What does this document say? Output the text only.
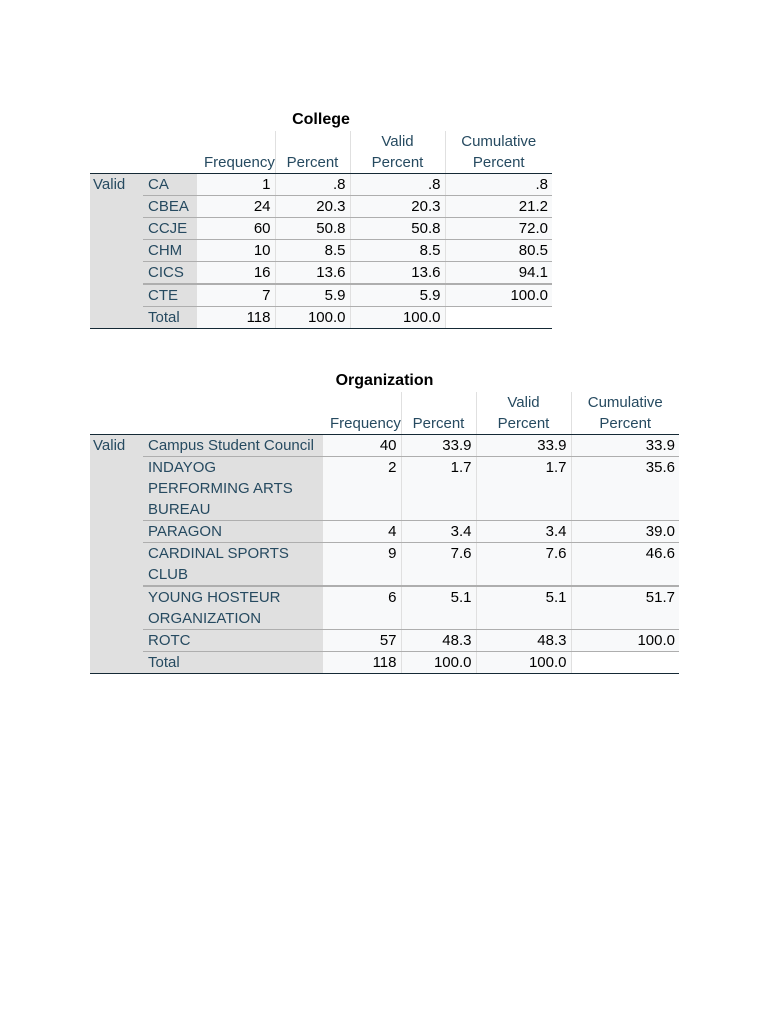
College
		Frequency	Percent	Valid Percent	Cumulative Percent
Valid	CA	1	.8	.8	.8
	CBEA	24	20.3	20.3	21.2
	CCJE	60	50.8	50.8	72.0
	CHM	10	8.5	8.5	80.5
	CICS	16	13.6	13.6	94.1
	CTE	7	5.9	5.9	100.0
	Total	118	100.0	100.0	
Organization
		Frequency	Percent	Valid Percent	Cumulative Percent
Valid	Campus Student Council	40	33.9	33.9	33.9
	INDAYOG PERFORMING ARTS BUREAU	2	1.7	1.7	35.6
	PARAGON	4	3.4	3.4	39.0
	CARDINAL SPORTS CLUB	9	7.6	7.6	46.6
	YOUNG HOSTEUR ORGANIZATION	6	5.1	5.1	51.7
	ROTC	57	48.3	48.3	100.0
	Total	118	100.0	100.0	
